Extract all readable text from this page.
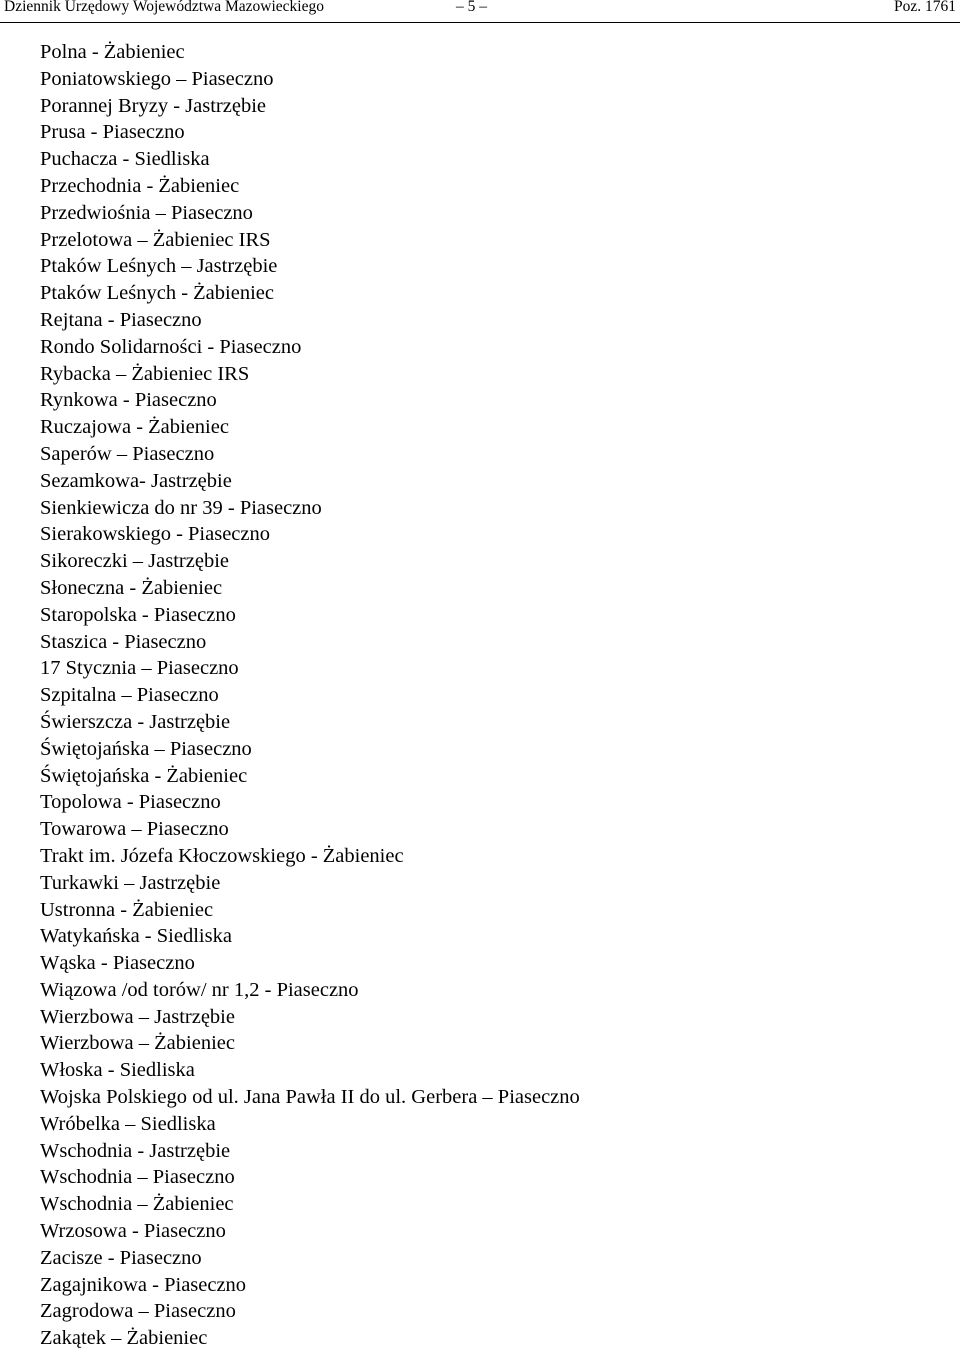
Dziennik Urzędowy Województwa Mazowieckiego	– 5 –	Poz. 1761
Polna - Żabieniec
Poniatowskiego – Piaseczno
Porannej Bryzy - Jastrzębie
Prusa - Piaseczno
Puchacza - Siedliska
Przechodnia - Żabieniec
Przedwiośnia – Piaseczno
Przelotowa – Żabieniec IRS
Ptaków Leśnych – Jastrzębie
Ptaków Leśnych - Żabieniec
Rejtana - Piaseczno
Rondo Solidarności - Piaseczno
Rybacka – Żabieniec IRS
Rynkowa - Piaseczno
Ruczajowa - Żabieniec
Saperów – Piaseczno
Sezamkowa- Jastrzębie
Sienkiewicza do nr 39 - Piaseczno
Sierakowskiego - Piaseczno
Sikoreczki – Jastrzębie
Słoneczna - Żabieniec
Staropolska - Piaseczno
Staszica - Piaseczno
17 Stycznia – Piaseczno
Szpitalna – Piaseczno
Świerszcza - Jastrzębie
Świętojańska – Piaseczno
Świętojańska - Żabieniec
Topolowa - Piaseczno
Towarowa – Piaseczno
Trakt im. Józefa Kłoczowskiego - Żabieniec
Turkawki – Jastrzębie
Ustronna - Żabieniec
Watykańska - Siedliska
Wąska - Piaseczno
Wiązowa /od torów/ nr 1,2 - Piaseczno
Wierzbowa – Jastrzębie
Wierzbowa – Żabieniec
Włoska - Siedliska
Wojska Polskiego od ul. Jana Pawła II do ul. Gerbera – Piaseczno
Wróbelka – Siedliska
Wschodnia - Jastrzębie
Wschodnia – Piaseczno
Wschodnia – Żabieniec
Wrzosowa - Piaseczno
Zacisze - Piaseczno
Zagajnikowa - Piaseczno
Zagrodowa – Piaseczno
Zakątek – Żabieniec
